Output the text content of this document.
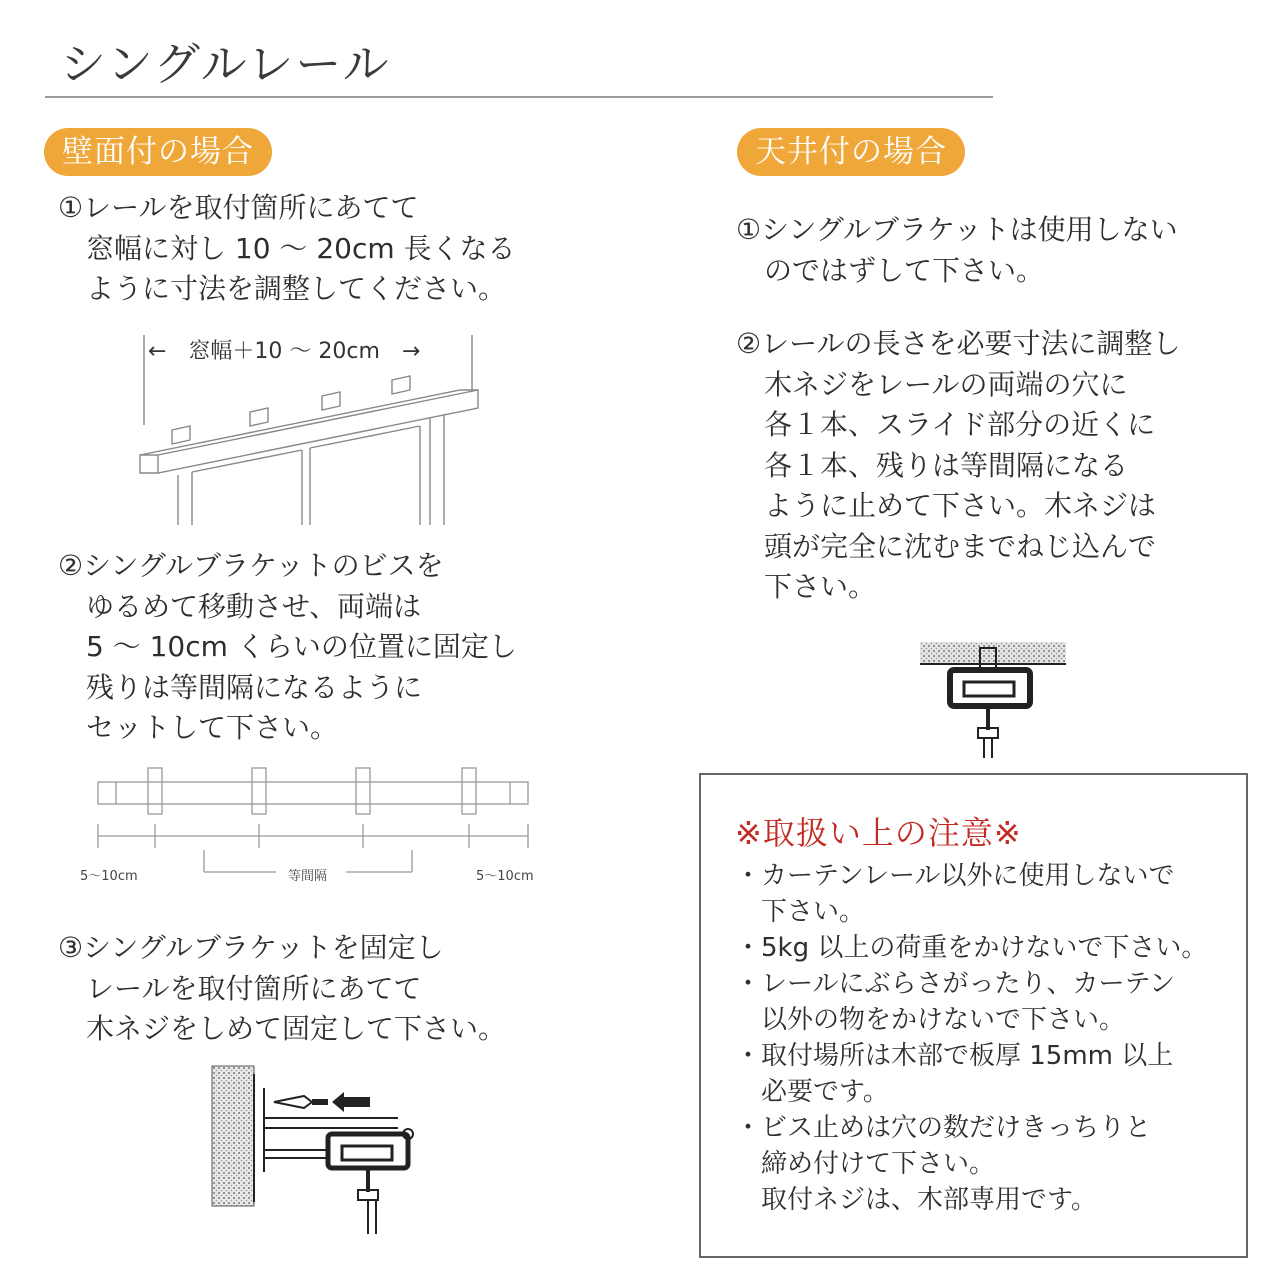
シングルレール
壁面付の場合
①レールを取付箇所にあてて
　窓幅に対し 10 ～ 20cm 長くなる
　ように寸法を調整してください。
←　窓幅＋10 ～ 20cm　→
②シングルブラケットのビスを
　ゆるめて移動させ、両端は
　5 ～ 10cm くらいの位置に固定し
　残りは等間隔になるように
　セットして下さい。
5～10cm	等間隔	5～10cm
③シングルブラケットを固定し
　レールを取付箇所にあてて
　木ネジをしめて固定して下さい。
天井付の場合
①シングルブラケットは使用しない
　のではずして下さい。
②レールの長さを必要寸法に調整し
　木ネジをレールの両端の穴に
　各１本、スライド部分の近くに
　各１本、残りは等間隔になる
　ように止めて下さい。木ネジは
　頭が完全に沈むまでねじ込んで
　下さい。
※取扱い上の注意※
・カーテンレール以外に使用しないで
　下さい。
・5kg 以上の荷重をかけないで下さい。
・レールにぶらさがったり、カーテン
　以外の物をかけないで下さい。
・取付場所は木部で板厚 15mm 以上
　必要です。
・ビス止めは穴の数だけきっちりと
　締め付けて下さい。
　取付ネジは、木部専用です。
